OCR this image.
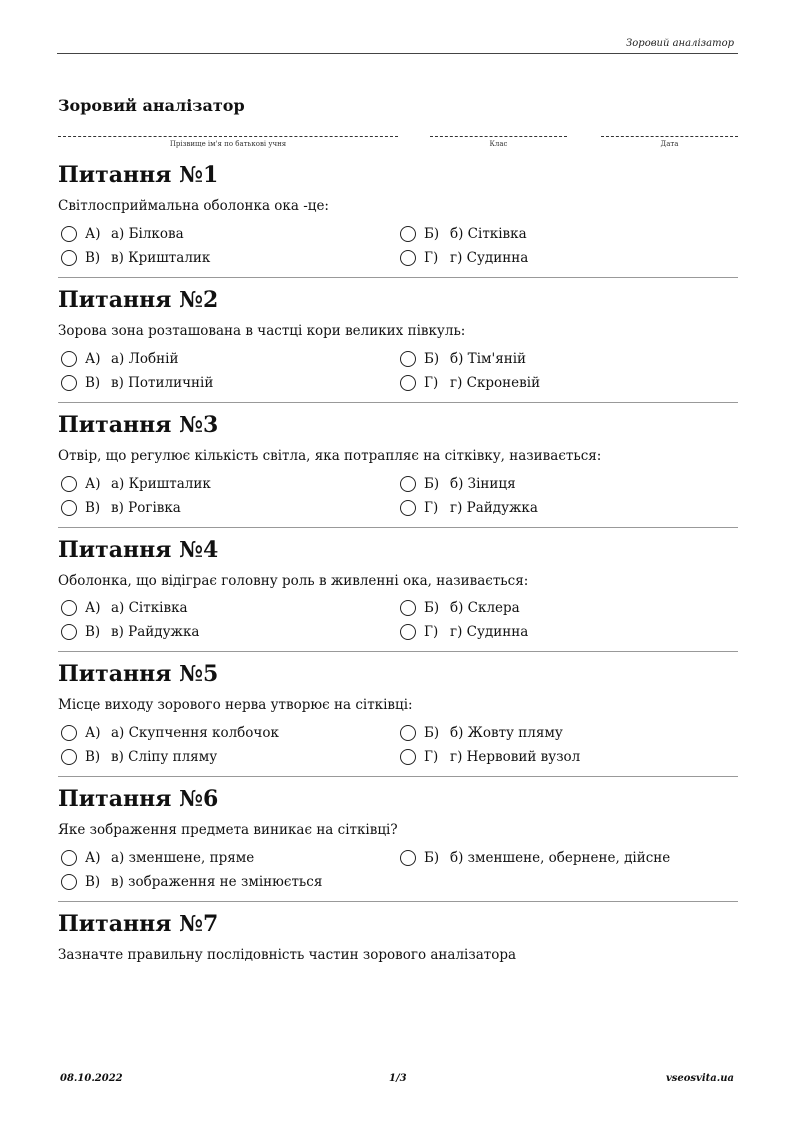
Зоровий аналізатор
Зоровий аналізатор
Прізвище ім'я по батькові учня	Клас	Дата
Питання №1
Світлосприймальна оболонка ока -це:
А) а) Білкова	Б) б) Сітківка
В) в) Кришталик	Г) г) Судинна
Питання №2
Зорова зона розташована в частці кори великих півкуль:
А) а) Лобній	Б) б) Тім'яній
В) в) Потиличній	Г) г) Скроневій
Питання №3
Отвір, що регулює кількість світла, яка потрапляє на сітківку, називається:
А) а) Кришталик	Б) б) Зіниця
В) в) Рогівка	Г) г) Райдужка
Питання №4
Оболонка, що відіграє головну роль в живленні ока, називається:
А) а) Сітківка	Б) б) Склера
В) в) Райдужка	Г) г) Судинна
Питання №5
Місце виходу зорового нерва утворює на сітківці:
А) а) Скупчення колбочок	Б) б) Жовту пляму
В) в) Сліпу пляму	Г) г) Нервовий вузол
Питання №6
Яке зображення предмета виникає на сітківці?
А) а) зменшене, пряме	Б) б) зменшене, обернене, дійсне
В) в) зображення не змінюється
Питання №7
Зазначте правильну послідовність частин зорового аналізатора
08.10.2022	1/3	vseosvita.ua
